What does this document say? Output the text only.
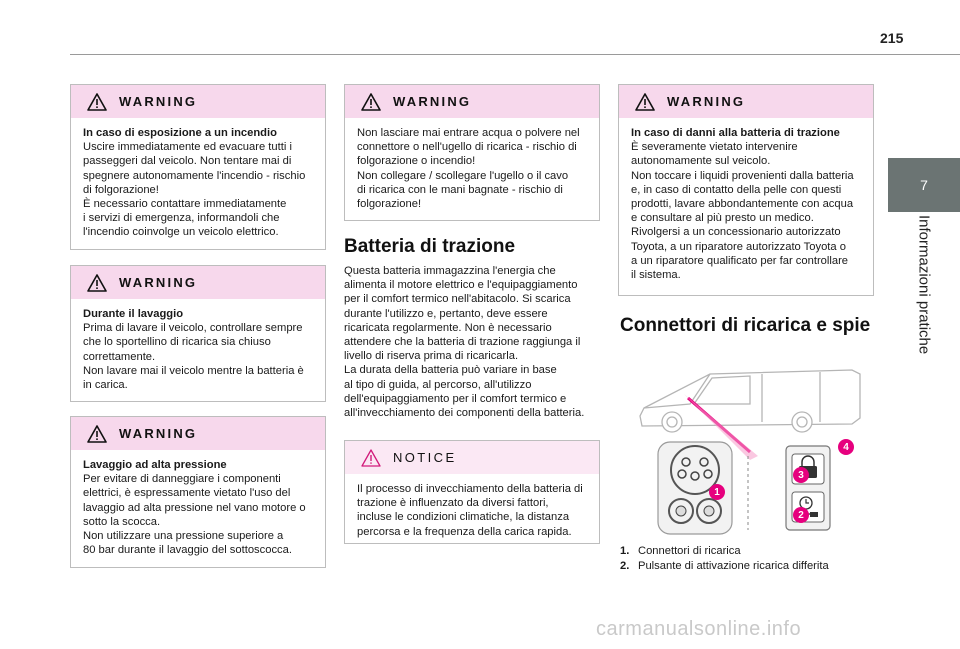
215
7
Informazioni pratiche
WARNING

In caso di esposizione a un incendio

Uscire immediatamente ed evacuare tutti i

passeggeri dal veicolo. Non tentare mai di

spegnere autonomamente l'incendio - rischio

di folgorazione!

È necessario contattare immediatamente

i servizi di emergenza, informandoli che

l'incendio coinvolge un veicolo elettrico.

WARNING

Durante il lavaggio

Prima di lavare il veicolo, controllare sempre

che lo sportellino di ricarica sia chiuso

correttamente.

Non lavare mai il veicolo mentre la batteria è

in carica.

WARNING

Lavaggio ad alta pressione

Per evitare di danneggiare i componenti

elettrici, è espressamente vietato l'uso del

lavaggio ad alta pressione nel vano motore o

sotto la scocca.

Non utilizzare una pressione superiore a

80 bar durante il lavaggio del sottoscocca.

WARNING

Non lasciare mai entrare acqua o polvere nel

connettore o nell'ugello di ricarica - rischio di

folgorazione o incendio!

Non collegare / scollegare l'ugello o il cavo

di ricarica con le mani bagnate - rischio di

folgorazione!

Batteria di trazione

Questa batteria immagazzina l'energia che

alimenta il motore elettrico e l'equipaggiamento

per il comfort termico nell'abitacolo. Si scarica

durante l'utilizzo e, pertanto, deve essere

ricaricata regolarmente. Non è necessario

attendere che la batteria di trazione raggiunga il

livello di riserva prima di ricaricarla.

La durata della batteria può variare in base

al tipo di guida, al percorso, all'utilizzo

dell'equipaggiamento per il comfort termico e

all'invecchiamento dei componenti della batteria.

NOTICE

Il processo di invecchiamento della batteria di

trazione è influenzato da diversi fattori,

incluse le condizioni climatiche, la distanza

percorsa e la frequenza della carica rapida.

WARNING

In caso di danni alla batteria di trazione

È severamente vietato intervenire

autonomamente sul veicolo.

Non toccare i liquidi provenienti dalla batteria

e, in caso di contatto della pelle con questi

prodotti, lavare abbondantemente con acqua

e consultare al più presto un medico.

Rivolgersi a un concessionario autorizzato

Toyota, a un riparatore autorizzato Toyota o

a un riparatore qualificato per far controllare

il sistema.

Connettori di ricarica e spie
1
2
3
4
1. Connettori di ricarica
2. Pulsante di attivazione ricarica differita
carmanualsonline.info
